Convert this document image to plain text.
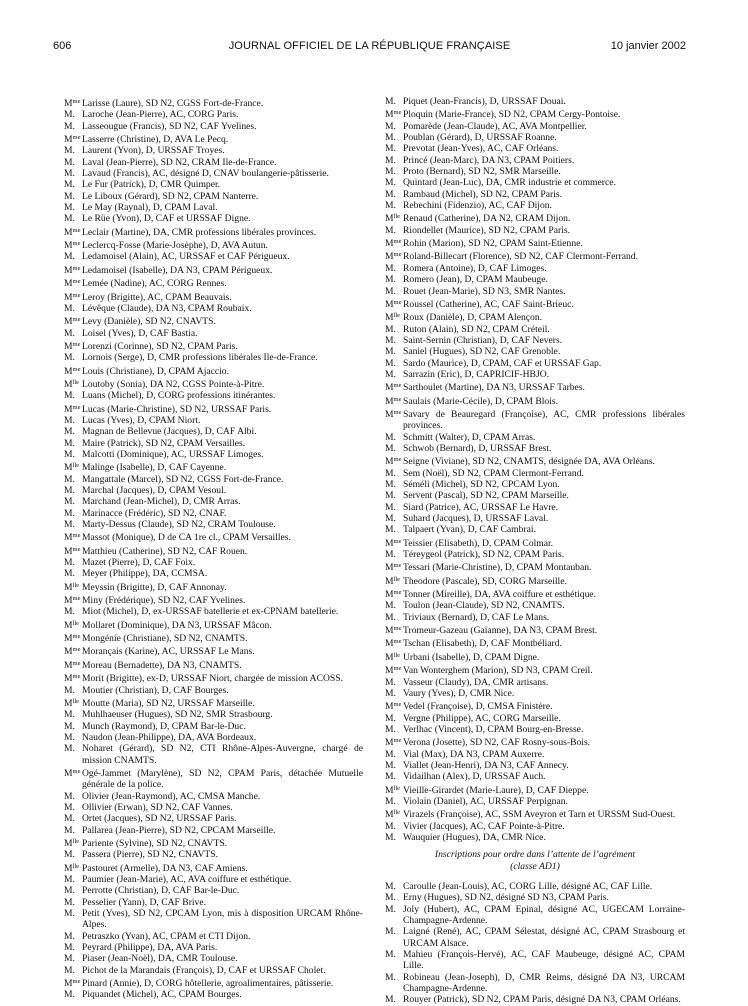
606	JOURNAL OFFICIEL DE LA RÉPUBLIQUE FRANÇAISE	10 janvier 2002
$M^{me}$ Larisse (Laure), SD N2, CGSS Fort-de-France.
M. Laroche (Jean-Pierre), AC, CORG Paris.
M. Lasseougue (Francis), SD N2, CAF Yvelines.
$M^{me}$ Lasserre (Christine), D, AVA Le Pecq.
M. Laurent (Yvon), D, URSSAF Troyes.
M. Laval (Jean-Pierre), SD N2, CRAM Ile-de-France.
M. Lavaud (Francis), AC, désigné D, CNAV boulangerie-pâtisserie.
M. Le Fur (Patrick), D, CMR Quimper.
M. Le Liboux (Gérard), SD N2, CPAM Nanterre.
M. Le May (Raynal), D, CPAM Laval.
M. Le Rüe (Yvon), D, CAF et URSSAF Digne.
$M^{me}$ Leclair (Martine), DA, CMR professions libérales provinces.
$M^{me}$ Leclercq-Fosse (Marie-Josèphe), D, AVA Autun.
M. Ledamoisel (Alain), AC, URSSAF et CAF Périgueux.
$M^{me}$ Ledamoisel (Isabelle), DA N3, CPAM Périgueux.
$M^{me}$ Lemée (Nadine), AC, CORG Rennes.
$M^{me}$ Leroy (Brigitte), AC, CPAM Beauvais.
M. Lévêque (Claude), DA N3, CPAM Roubaix.
$M^{me}$ Levy (Danièle), SD N2, CNAVTS.
M. Loisel (Yves), D, CAF Bastia.
$M^{me}$ Lorenzi (Corinne), SD N2, CPAM Paris.
M. Lornois (Serge), D, CMR professions libérales Ile-de-France.
$M^{me}$ Louis (Christiane), D, CPAM Ajaccio.
$M^{lle}$ Loutoby (Sonia), DA N2, CGSS Pointe-à-Pitre.
M. Luans (Michel), D, CORG professions itinérantes.
$M^{me}$ Lucas (Marie-Christine), SD N2, URSSAF Paris.
M. Lucas (Yves), D, CPAM Niort.
M. Magnan de Bellevue (Jacques), D, CAF Albi.
M. Maire (Patrick), SD N2, CPAM Versailles.
M. Malcotti (Dominique), AC, URSSAF Limoges.
$M^{lle}$ Malinge (Isabelle), D, CAF Cayenne.
M. Mangattale (Marcel), SD N2, CGSS Fort-de-France.
M. Marchal (Jacques), D, CPAM Vesoul.
M. Marchand (Jean-Michel), D, CMR Arras.
M. Marinacce (Frédéric), SD N2, CNAF.
M. Marty-Dessus (Claude), SD N2, CRAM Toulouse.
$M^{me}$ Massot (Monique), D de CA 1re cl., CPAM Versailles.
$M^{me}$ Matthieu (Catherine), SD N2, CAF Rouen.
M. Mazet (Pierre), D, CAF Foix.
M. Meyer (Philippe), DA, CCMSA.
$M^{lle}$ Meyssin (Brigitte), D, CAF Annonay.
$M^{me}$ Miny (Frédérique), SD N2, CAF Yvelines.
M. Miot (Michel), D, ex-URSSAF batellerie et ex-CPNAM batellerie.
$M^{lle}$ Mollaret (Dominique), DA N3, URSSAF Mâcon.
$M^{me}$ Mongénie (Christiane), SD N2, CNAMTS.
$M^{me}$ Morançais (Karine), AC, URSSAF Le Mans.
$M^{me}$ Moreau (Bernadette), DA N3, CNAMTS.
$M^{me}$ Morit (Brigitte), ex-D, URSSAF Niort, chargée de mission ACOSS.
M. Moutier (Christian), D, CAF Bourges.
$M^{lle}$ Moutte (Maria), SD N2, URSSAF Marseille.
M. Muhlhaeuser (Hugues), SD N2, SMR Strasbourg.
M. Munch (Raymond), D, CPAM Bar-le-Duc.
M. Naudon (Jean-Philippe), DA, AVA Bordeaux.
M. Noharet (Gérard), SD N2, CTI Rhône-Alpes-Auvergne, chargé de mission CNAMTS.
$M^{me}$ Ogé-Jammet (Marylène), SD N2, CPAM Paris, détachée Mutuelle générale de la police.
M. Olivier (Jean-Raymond), AC, CMSA Manche.
M. Ollivier (Erwan), SD N2, CAF Vannes.
M. Ortet (Jacques), SD N2, URSSAF Paris.
M. Pallarea (Jean-Pierre), SD N2, CPCAM Marseille.
$M^{lle}$ Pariente (Sylvine), SD N2, CNAVTS.
M. Passera (Pierre), SD N2, CNAVTS.
$M^{lle}$ Pastouret (Armelle), DA N3, CAF Amiens.
M. Paumier (Jean-Marie), AC, AVA coiffure et esthétique.
M. Perrotte (Christian), D, CAF Bar-le-Duc.
M. Pesselier (Yann), D, CAF Brive.
M. Petit (Yves), SD N2, CPCAM Lyon, mis à disposition URCAM Rhône-Alpes.
M. Petraszko (Yvan), AC, CPAM et CTI Dijon.
M. Peyrard (Philippe), DA, AVA Paris.
M. Piaser (Jean-Noël), DA, CMR Toulouse.
M. Pichot de la Marandais (François), D, CAF et URSSAF Cholet.
$M^{me}$ Pinard (Annie), D, CORG hôtellerie, agroalimentaires, pâtisserie.
M. Piquandet (Michel), AC, CPAM Bourges.
M. Piquet (Jean-Francis), D, URSSAF Douai.
$M^{me}$ Ploquin (Marie-France), SD N2, CPAM Cergy-Pontoise.
M. Pomarède (Jean-Claude), AC, AVA Montpellier.
M. Poublan (Gérard), D, URSSAF Roanne.
M. Prevotat (Jean-Yves), AC, CAF Orléans.
M. Princé (Jean-Marc), DA N3, CPAM Poitiers.
M. Proto (Bernard), SD N2, SMR Marseille.
M. Quintard (Jean-Luc), DA, CMR industrie et commerce.
M. Rambaud (Michel), SD N2, CPAM Paris.
M. Rebechini (Fidenzio), AC, CAF Dijon.
$M^{lle}$ Renaud (Catherine), DA N2, CRAM Dijon.
M. Riondellet (Maurice), SD N2, CPAM Paris.
$M^{me}$ Rohin (Marion), SD N2, CPAM Saint-Etienne.
$M^{me}$ Roland-Billecart (Florence), SD N2, CAF Clermont-Ferrand.
M. Romera (Antoine), D, CAF Limoges.
M. Romero (Jean), D, CPAM Maubeuge.
M. Rouet (Jean-Marie), SD N3, SMR Nantes.
$M^{me}$ Roussel (Catherine), AC, CAF Saint-Brieuc.
$M^{lle}$ Roux (Danièle), D, CPAM Alençon.
M. Ruton (Alain), SD N2, CPAM Créteil.
M. Saint-Sernin (Christian), D, CAF Nevers.
M. Saniel (Hugues), SD N2, CAF Grenoble.
M. Sardo (Maurice), D, CPAM, CAF et URSSAF Gap.
M. Sarrazin (Eric), D, CAPRICIF-HBJO.
$M^{me}$ Sarthoulet (Martine), DA N3, URSSAF Tarbes.
$M^{me}$ Saulais (Marie-Cécile), D, CPAM Blois.
$M^{me}$ Savary de Beauregard (Françoise), AC, CMR professions libérales provinces.
M. Schmitt (Walter), D, CPAM Arras.
M. Schwob (Bernard), D, URSSAF Brest.
$M^{me}$ Seigne (Viviane), SD N2, CNAMTS, désignée DA, AVA Orléans.
M. Sem (Noël), SD N2, CPAM Clermont-Ferrand.
M. Séméli (Michel), SD N2, CPCAM Lyon.
M. Servent (Pascal), SD N2, CPAM Marseille.
M. Siard (Patrice), AC, URSSAF Le Havre.
M. Suhard (Jacques), D, URSSAF Laval.
M. Talpaert (Yvan), D, CAF Cambrai.
$M^{me}$ Teissier (Elisabeth), D, CPAM Colmar.
M. Téreygeol (Patrick), SD N2, CPAM Paris.
$M^{me}$ Tessari (Marie-Christine), D, CPAM Montauban.
$M^{lle}$ Theodore (Pascale), SD, CORG Marseille.
$M^{me}$ Tonner (Mireille), DA, AVA coiffure et esthétique.
M. Toulon (Jean-Claude), SD N2, CNAMTS.
M. Triviaux (Bernard), D, CAF Le Mans.
$M^{me}$ Tromeur-Gazeau (Gaïanne), DA N3, CPAM Brest.
$M^{me}$ Tschan (Elisabeth), D, CAF Montbéliard.
$M^{lle}$ Urbani (Isabelle), D, CPAM Digne.
$M^{me}$ Van Wonterghem (Marion), SD N3, CPAM Creil.
M. Vasseur (Claudy), DA, CMR artisans.
M. Vaury (Yves), D, CMR Nice.
$M^{me}$ Vedel (Françoise), D, CMSA Finistère.
M. Vergne (Philippe), AC, CORG Marseille.
M. Verlhac (Vincent), D, CPAM Bourg-en-Bresse.
$M^{me}$ Verona (Josette), SD N2, CAF Rosny-sous-Bois.
M. Vial (Max), DA N3, CPAM Auxerre.
M. Viallet (Jean-Henri), DA N3, CAF Annecy.
M. Vidailhan (Alex), D, URSSAF Auch.
$M^{lle}$ Vieille-Girardet (Marie-Laure), D, CAF Dieppe.
M. Violain (Daniel), AC, URSSAF Perpignan.
$M^{lle}$ Virazels (Françoise), AC, SSM Aveyron et Tarn et URSSM Sud-Ouest.
M. Vivier (Jacques), AC, CAF Pointe-à-Pitre.
M. Wauquier (Hugues), DA, CMR Nice.
Inscriptions pour ordre dans l’attente de l’agrément
(classe AD1)
M. Caroulle (Jean-Louis), AC, CORG Lille, désigné AC, CAF Lille.
M. Erny (Hugues), SD N2, désigné SD N3, CPAM Paris.
M. Joly (Hubert), AC, CPAM Epinal, désigné AC, UGECAM Lorraine-Champagne-Ardenne.
M. Laigné (René), AC, CPAM Sélestat, désigné AC, CPAM Strasbourg et URCAM Alsace.
M. Mahieu (François-Hervé), AC, CAF Maubeuge, désigné AC, CPAM Lille.
M. Robineau (Jean-Joseph), D, CMR Reims, désigné DA N3, URCAM Champagne-Ardenne.
M. Rouyer (Patrick), SD N2, CPAM Paris, désigné DA N3, CPAM Orléans.
